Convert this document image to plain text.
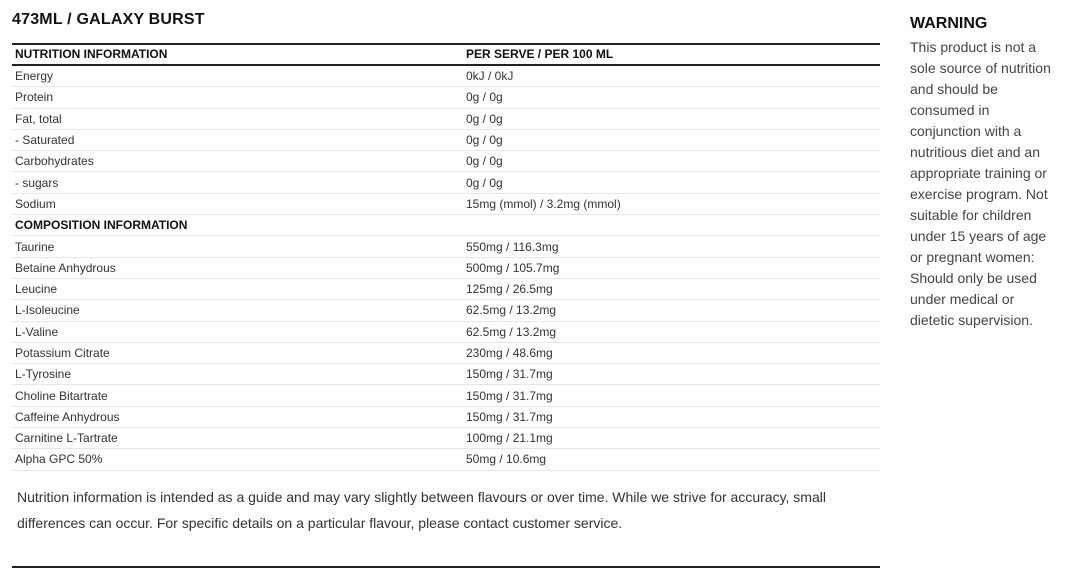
473ML / GALAXY BURST
NUTRITION INFORMATION	PER SERVE / PER 100 ML
Energy	0kJ / 0kJ
Protein	0g / 0g
Fat, total	0g / 0g
- Saturated	0g / 0g
Carbohydrates	0g / 0g
- sugars	0g / 0g
Sodium	15mg (mmol) / 3.2mg (mmol)
COMPOSITION INFORMATION	
Taurine	550mg / 116.3mg
Betaine Anhydrous	500mg / 105.7mg
Leucine	125mg / 26.5mg
L-Isoleucine	62.5mg / 13.2mg
L-Valine	62.5mg / 13.2mg
Potassium Citrate	230mg / 48.6mg
L-Tyrosine	150mg / 31.7mg
Choline Bitartrate	150mg / 31.7mg
Caffeine Anhydrous	150mg / 31.7mg
Carnitine L-Tartrate	100mg / 21.1mg
Alpha GPC 50%	50mg / 10.6mg
Nutrition information is intended as a guide and may vary slightly between flavours or over time. While we strive for accuracy, small differences can occur. For specific details on a particular flavour, please contact customer service.
WARNING
This product is not a sole source of nutrition and should be consumed in conjunction with a nutritious diet and an appropriate training or exercise program. Not suitable for children under 15 years of age or pregnant women: Should only be used under medical or dietetic supervision.
